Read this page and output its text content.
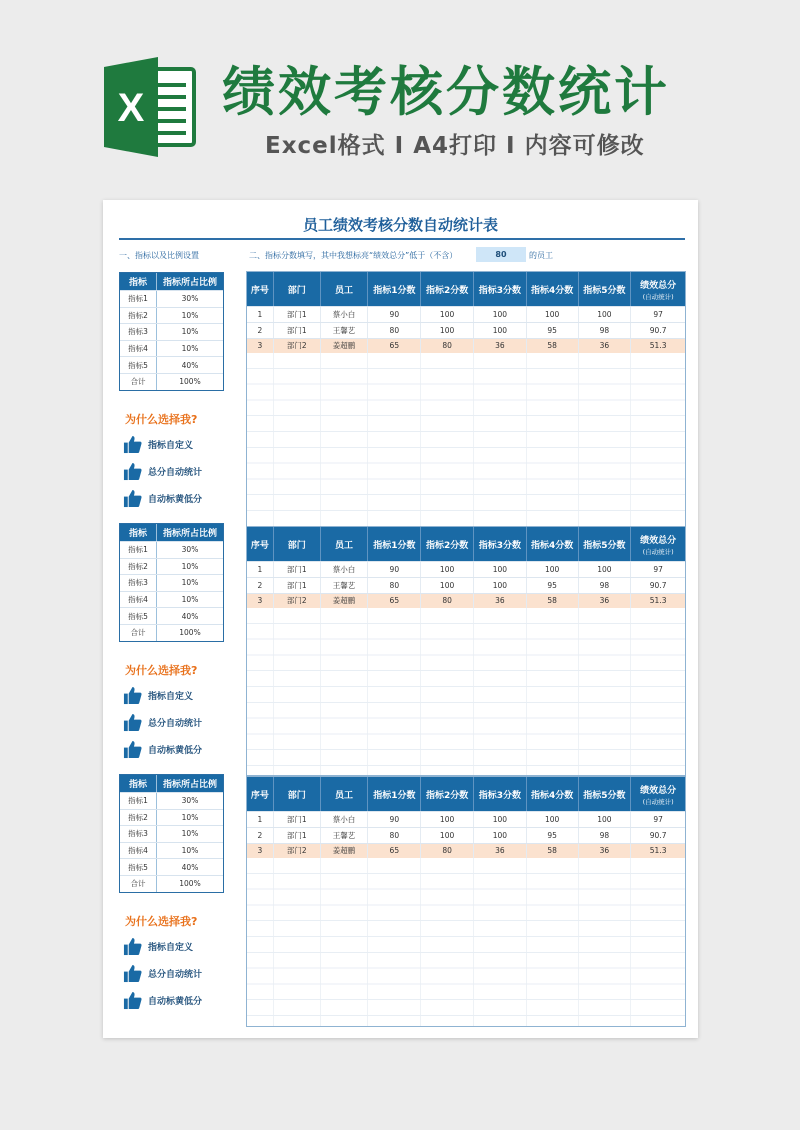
X 绩效考核分数统计
Excel格式 I A4打印 I 内容可修改
员工绩效考核分数自动统计表
一、指标以及比例设置	二、指标分数填写，其中我想标亮“绩效总分”低于（不含）	80	的员工
指标	指标所占比例
指标1	30%
指标2	10%
指标3	10%
指标4	10%
指标5	40%
合计	100%
为什么选择我?
指标自定义
总分自动统计
自动标黄低分
指标	指标所占比例
指标1	30%
指标2	10%
指标3	10%
指标4	10%
指标5	40%
合计	100%
为什么选择我?
指标自定义
总分自动统计
自动标黄低分
指标	指标所占比例
指标1	30%
指标2	10%
指标3	10%
指标4	10%
指标5	40%
合计	100%
为什么选择我?
指标自定义
总分自动统计
自动标黄低分
序号	部门	员工	指标1分数	指标2分数	指标3分数	指标4分数	指标5分数	绩效总分
(自动统计)
1	部门1	蔡小白	90	100	100	100	100	97
2	部门1	王馨艺	80	100	100	95	98	90.7
3	部门2	姜超鹏	65	80	36	58	36	51.3
序号	部门	员工	指标1分数	指标2分数	指标3分数	指标4分数	指标5分数	绩效总分
(自动统计)
1	部门1	蔡小白	90	100	100	100	100	97
2	部门1	王馨艺	80	100	100	95	98	90.7
3	部门2	姜超鹏	65	80	36	58	36	51.3
序号	部门	员工	指标1分数	指标2分数	指标3分数	指标4分数	指标5分数	绩效总分
(自动统计)
1	部门1	蔡小白	90	100	100	100	100	97
2	部门1	王馨艺	80	100	100	95	98	90.7
3	部门2	姜超鹏	65	80	36	58	36	51.3
